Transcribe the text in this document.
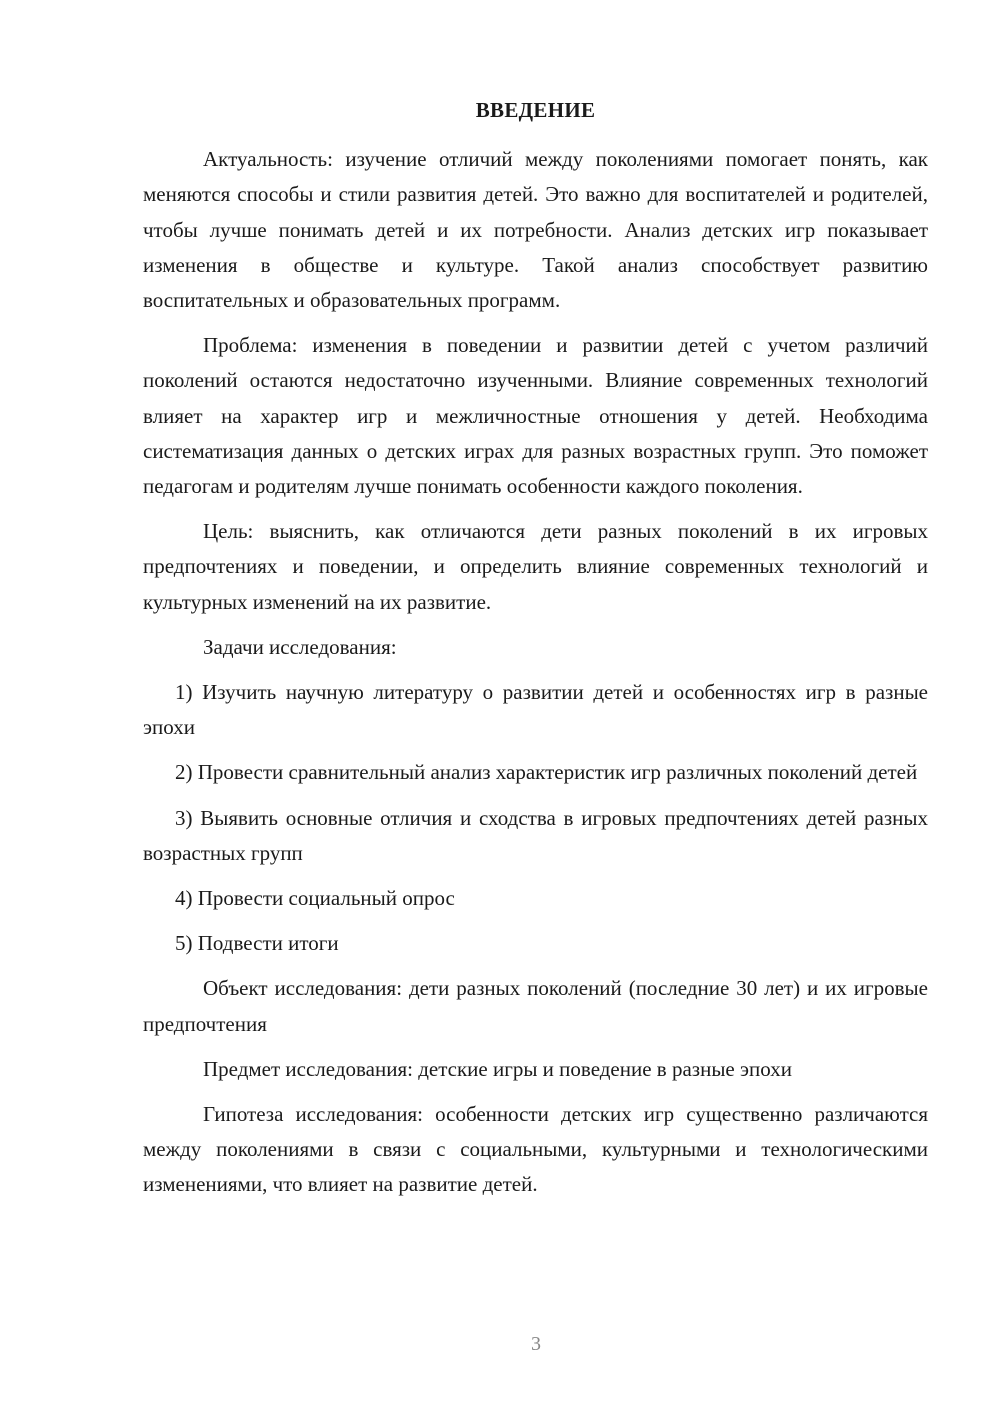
ВВЕДЕНИЕ

Актуальность: изучение отличий между поколениями помогает понять, как меняются способы и стили развития детей. Это важно для воспитателей и родителей, чтобы лучше понимать детей и их потребности. Анализ детских игр показывает изменения в обществе и культуре. Такой анализ способствует развитию воспитательных и образовательных программ.

Проблема: изменения в поведении и развитии детей с учетом различий поколений остаются недостаточно изученными. Влияние современных технологий влияет на характер игр и межличностные отношения у детей. Необходима систематизация данных о детских играх для разных возрастных групп. Это поможет педагогам и родителям лучше понимать особенности каждого поколения.

Цель: выяснить, как отличаются дети разных поколений в их игровых предпочтениях и поведении, и определить влияние современных технологий и культурных изменений на их развитие.

Задачи исследования:

1) Изучить научную литературу о развитии детей и особенностях игр в разные эпохи

2) Провести сравнительный анализ характеристик игр различных поколений детей

3) Выявить основные отличия и сходства в игровых предпочтениях детей разных возрастных групп

4) Провести социальный опрос

5) Подвести итоги

Объект исследования: дети разных поколений (последние 30 лет) и их игровые предпочтения

Предмет исследования: детские игры и поведение в разные эпохи

Гипотеза исследования: особенности детских игр существенно различаются между поколениями в связи с социальными, культурными и технологическими изменениями, что влияет на развитие детей.

3
